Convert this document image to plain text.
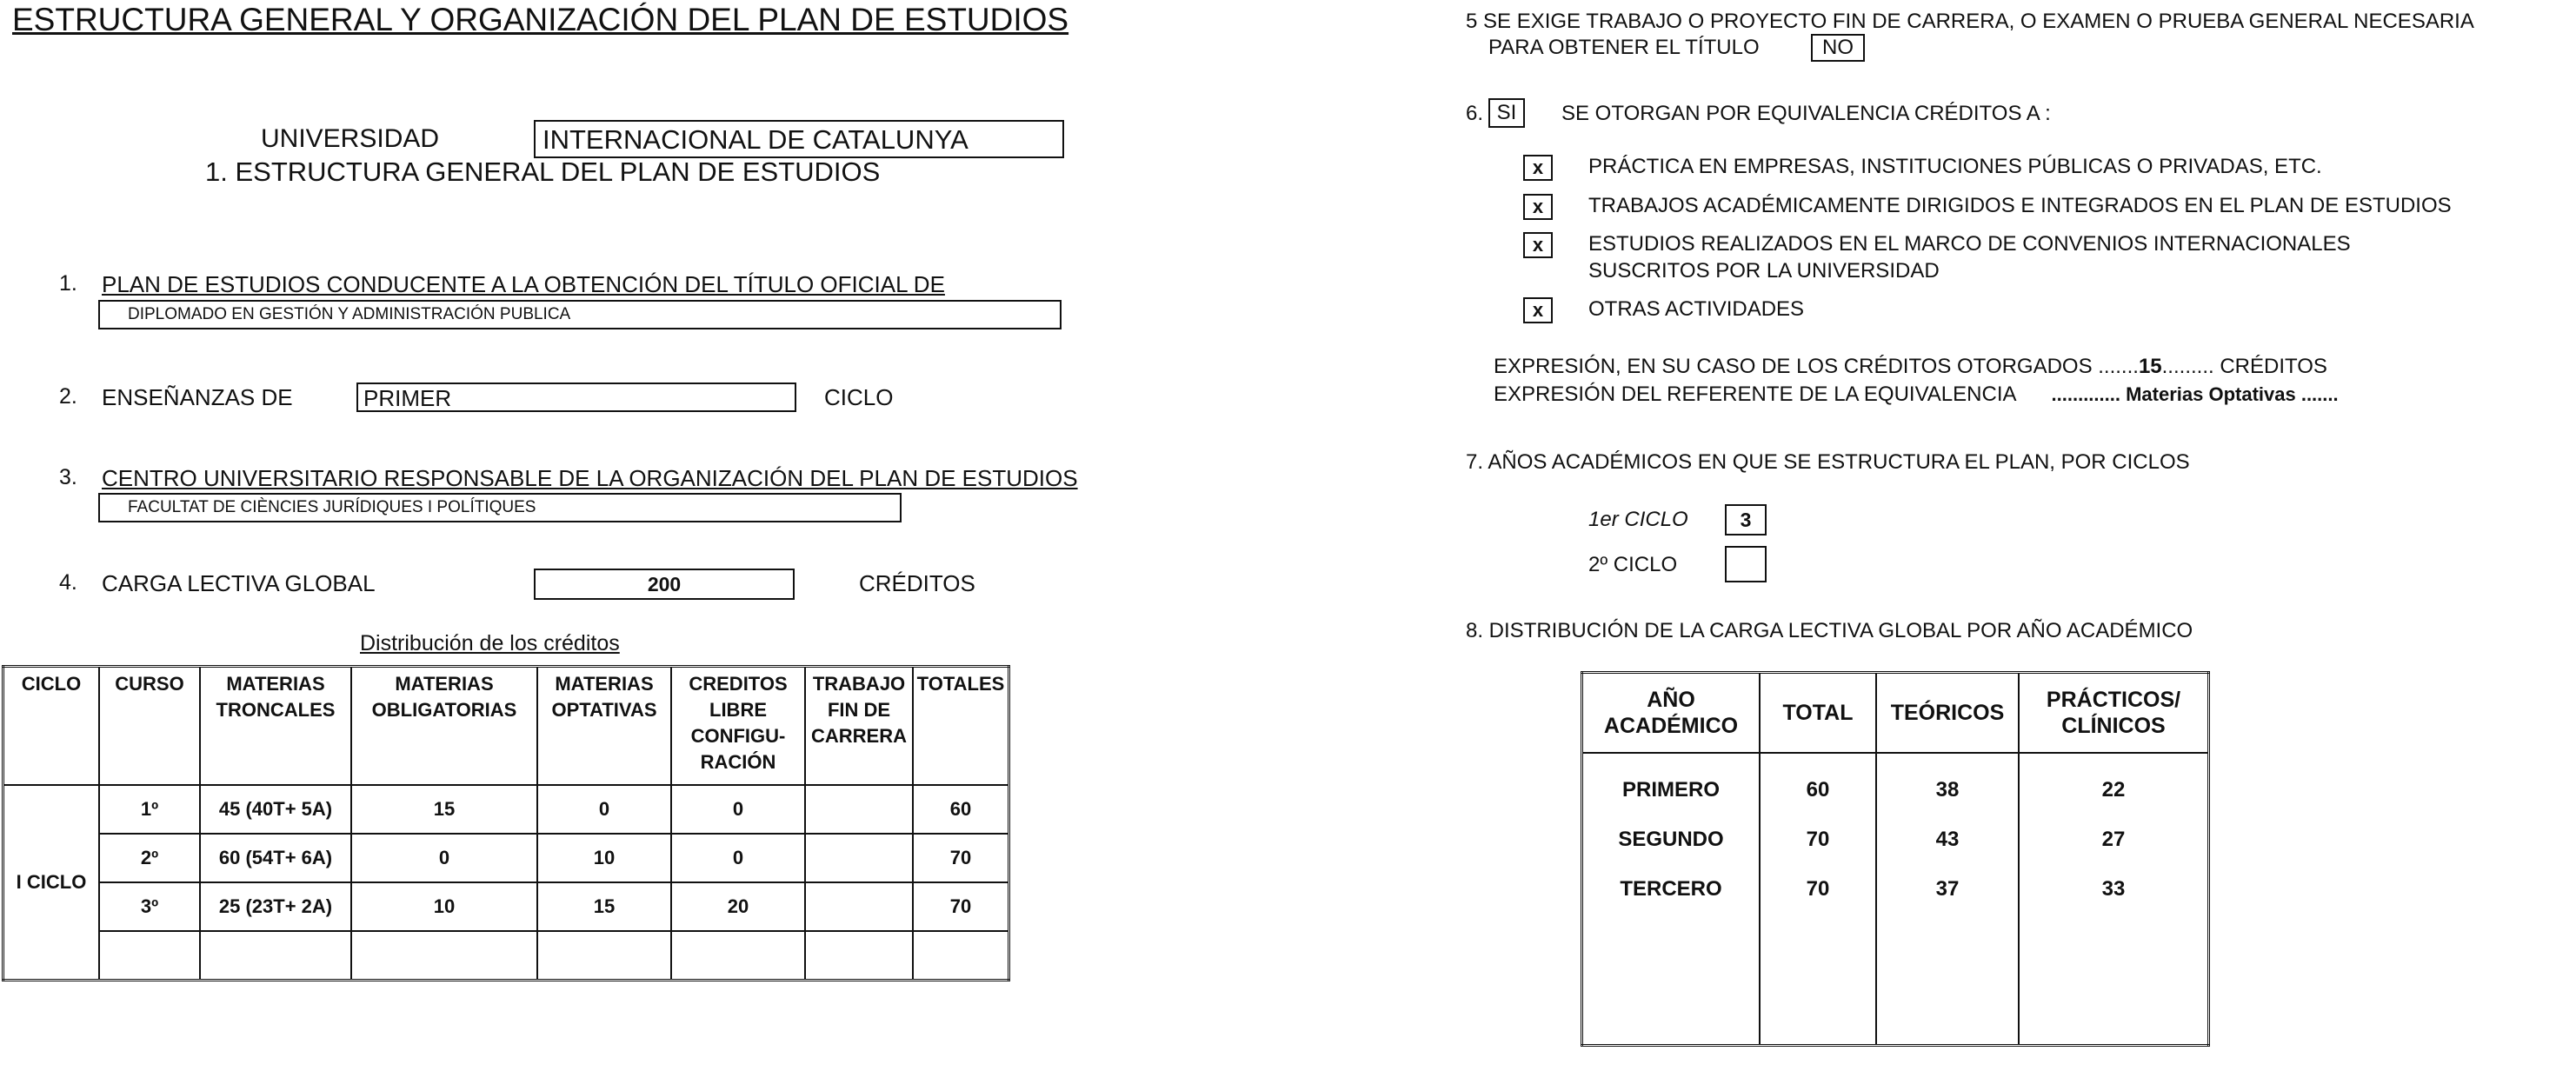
ESTRUCTURA GENERAL Y ORGANIZACIÓN DEL PLAN DE ESTUDIOS
UNIVERSIDAD	INTERNACIONAL DE CATALUNYA
1. ESTRUCTURA GENERAL DEL PLAN DE ESTUDIOS
1. PLAN DE ESTUDIOS CONDUCENTE A LA OBTENCIÓN DEL TÍTULO OFICIAL DE
DIPLOMADO EN GESTIÓN Y ADMINISTRACIÓN PUBLICA
2. ENSEÑANZAS DE	PRIMER	CICLO
3. CENTRO UNIVERSITARIO RESPONSABLE DE LA ORGANIZACIÓN DEL PLAN DE ESTUDIOS
FACULTAT DE CIÈNCIES JURÍDIQUES I POLÍTIQUES
4. CARGA LECTIVA GLOBAL	200	CRÉDITOS
Distribución de los créditos
CICLO	CURSO	MATERIAS TRONCALES	MATERIAS OBLIGATORIAS	MATERIAS OPTATIVAS	CREDITOS LIBRE CONFIGU- RACIÓN	TRABAJO FIN DE CARRERA	TOTALES
I CICLO	1º	45 (40T+ 5A)	15	0	0		60
	2º	60 (54T+ 6A)	0	10	0		70
	3º	25 (23T+ 2A)	10	15	20		70

5 SE EXIGE TRABAJO O PROYECTO FIN DE CARRERA, O EXAMEN O PRUEBA GENERAL NECESARIA
PARA OBTENER EL TÍTULO	NO
6. SI	SE OTORGAN POR EQUIVALENCIA CRÉDITOS A :
x	PRÁCTICA EN EMPRESAS, INSTITUCIONES PÚBLICAS O PRIVADAS, ETC.
x	TRABAJOS ACADÉMICAMENTE DIRIGIDOS E INTEGRADOS EN EL PLAN DE ESTUDIOS
x	ESTUDIOS REALIZADOS EN EL MARCO DE CONVENIOS INTERNACIONALES
SUSCRITOS POR LA UNIVERSIDAD
x	OTRAS ACTIVIDADES
EXPRESIÓN, EN SU CASO DE LOS CRÉDITOS OTORGADOS .......15......... CRÉDITOS
EXPRESIÓN DEL REFERENTE DE LA EQUIVALENCIA ............. Materias Optativas .......
7. AÑOS ACADÉMICOS EN QUE SE ESTRUCTURA EL PLAN, POR CICLOS
1er CICLO	3
2º CICLO
8. DISTRIBUCIÓN DE LA CARGA LECTIVA GLOBAL POR AÑO ACADÉMICO
AÑO ACADÉMICO	TOTAL	TEÓRICOS	PRÁCTICOS/ CLÍNICOS
PRIMERO	60	38	22
SEGUNDO	70	43	27
TERCERO	70	37	33
